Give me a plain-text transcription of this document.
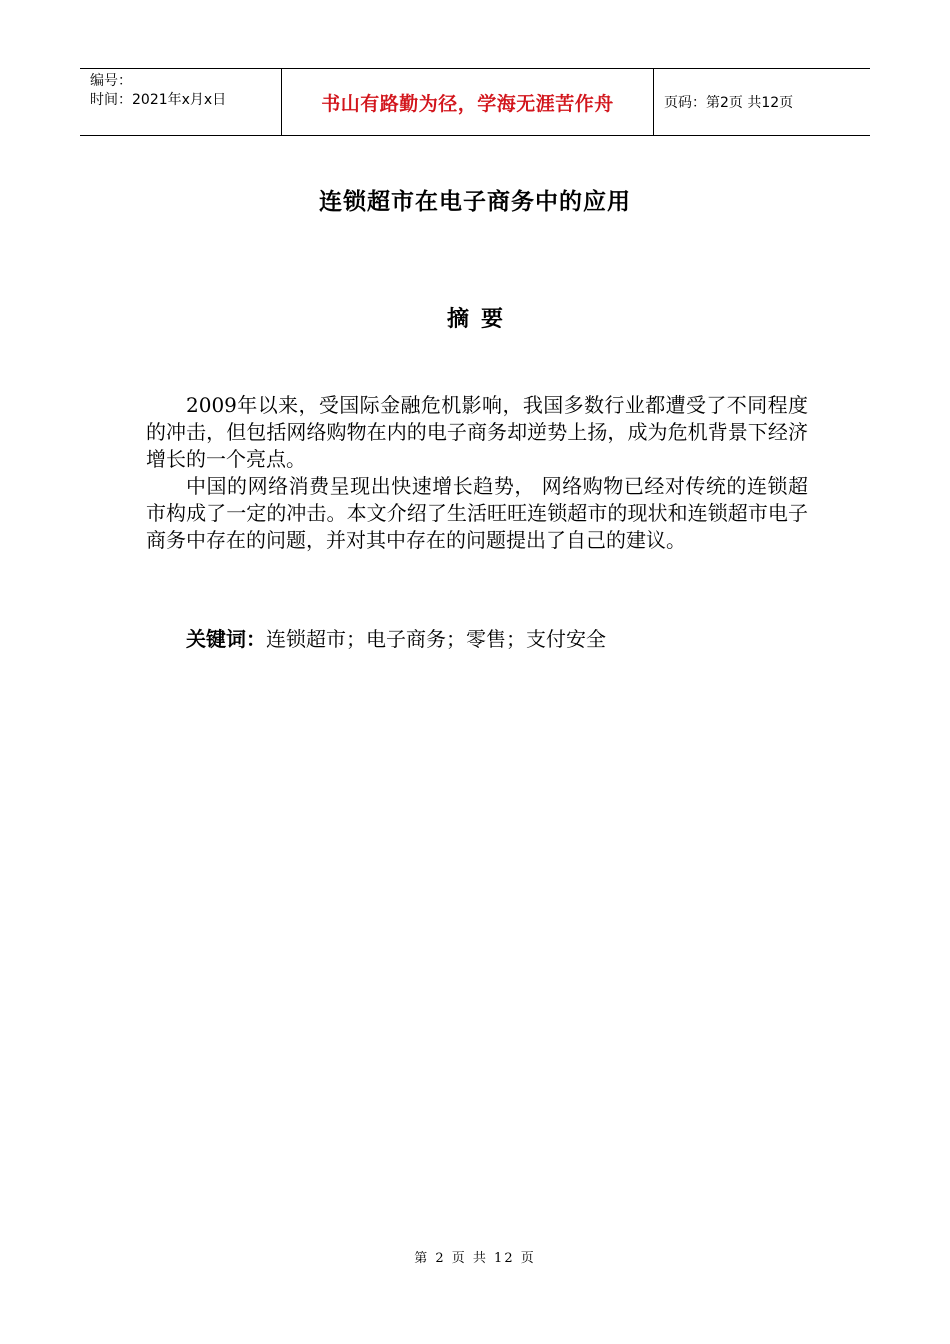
编号：
时间：2021年x月x日	书山有路勤为径，学海无涯苦作舟	页码：第2页 共12页
连锁超市在电子商务中的应用
摘要

2009年以来，受国际金融危机影响，我国多数行业都遭受了不同程度的冲击，但包括网络购物在内的电子商务却逆势上扬，成为危机背景下经济增长的一个亮点。

中国的网络消费呈现出快速增长趋势， 网络购物已经对传统的连锁超市构成了一定的冲击。本文介绍了生活旺旺连锁超市的现状和连锁超市电子商务中存在的问题，并对其中存在的问题提出了自己的建议。

关键词：连锁超市；电子商务；零售；支付安全
第 2 页 共 12 页
